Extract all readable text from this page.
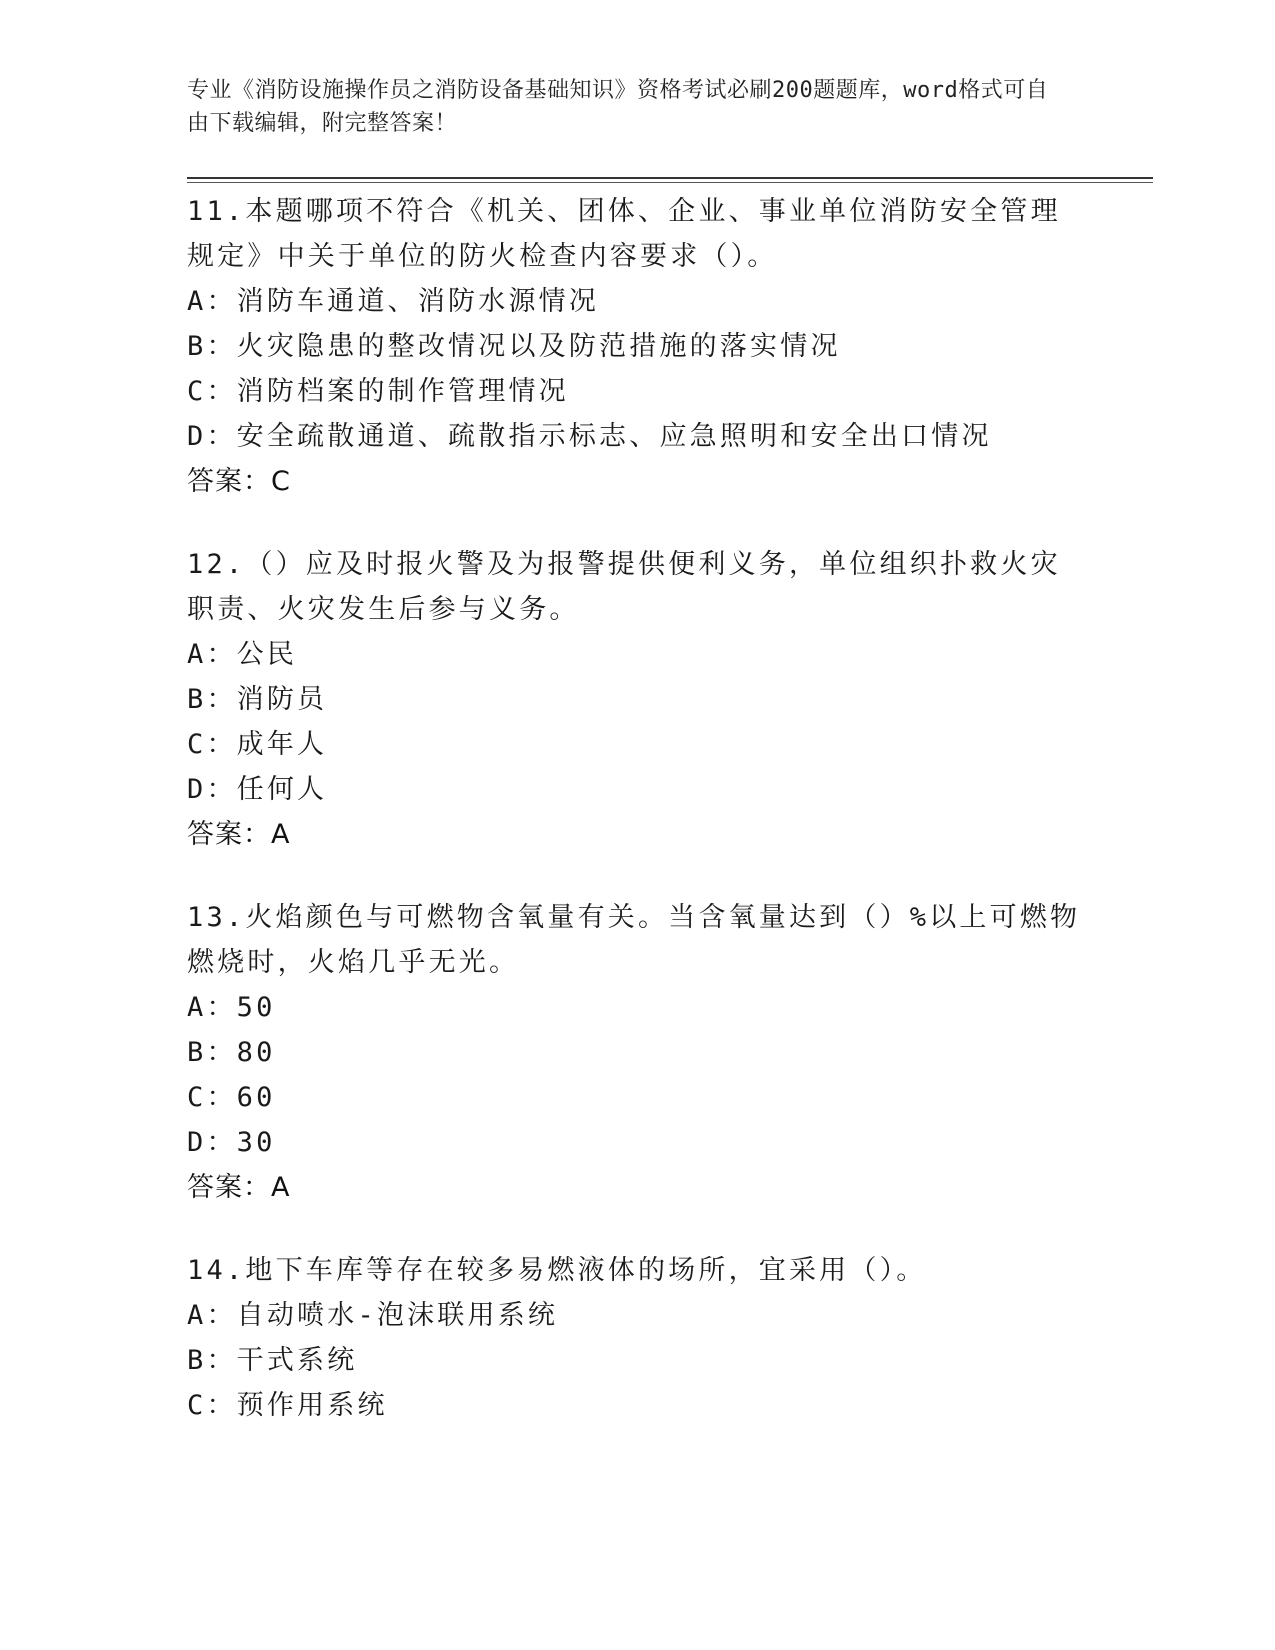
专业《消防设施操作员之消防设备基础知识》资格考试必刷200题题库，word格式可自由下载编辑，附完整答案！

11.本题哪项不符合《机关、团体、企业、事业单位消防安全管理规定》中关于单位的防火检查内容要求（）。

A：消防车通道、消防水源情况

B：火灾隐患的整改情况以及防范措施的落实情况

C：消防档案的制作管理情况

D：安全疏散通道、疏散指示标志、应急照明和安全出口情况

答案：C

12.（）应及时报火警及为报警提供便利义务，单位组织扑救火灾职责、火灾发生后参与义务。

A：公民

B：消防员

C：成年人

D：任何人

答案：A

13.火焰颜色与可燃物含氧量有关。当含氧量达到（）%以上可燃物燃烧时，火焰几乎无光。

A：50

B：80

C：60

D：30

答案：A

14.地下车库等存在较多易燃液体的场所，宜采用（）。

A：自动喷水-泡沫联用系统

B：干式系统

C：预作用系统
